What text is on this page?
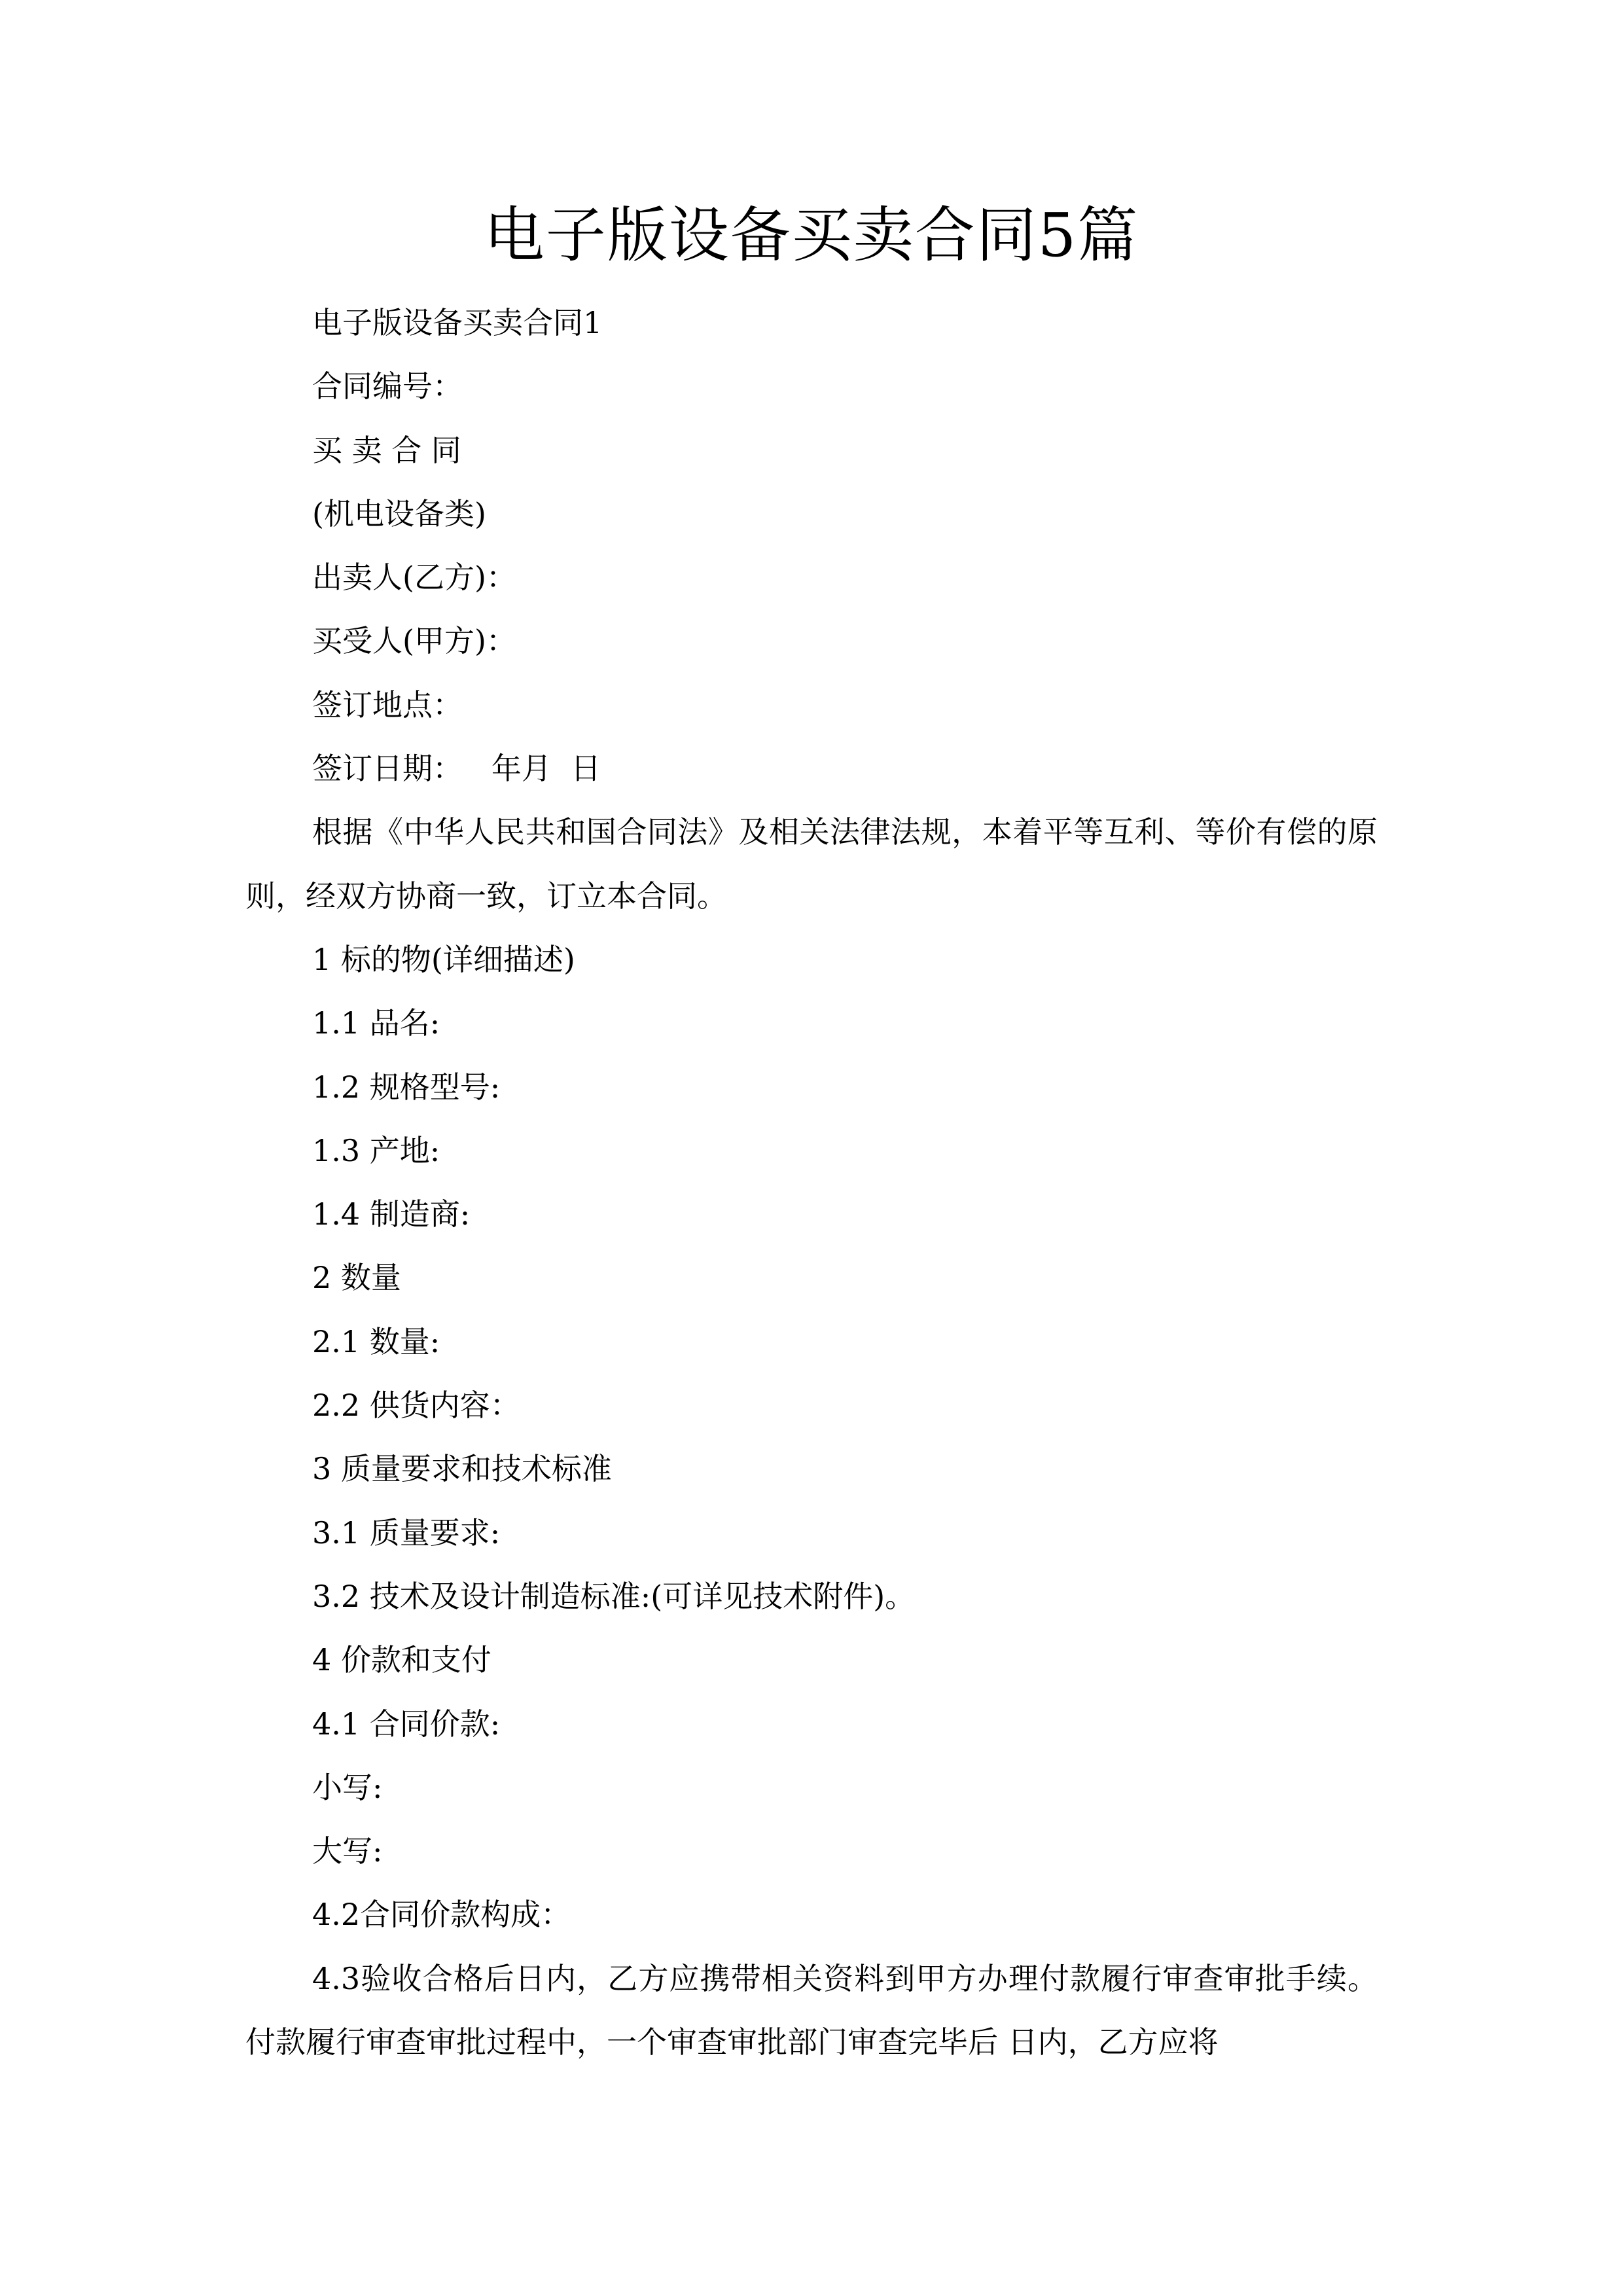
电子版设备买卖合同5篇
电子版设备买卖合同1
合同编号：
买 卖 合 同
(机电设备类)
出卖人(乙方)：
买受人(甲方)：
签订地点：
签订日期：   年月  日
根据《中华人民共和国合同法》及相关法律法规，本着平等互利、等价有偿的原则，经双方协商一致，订立本合同。
1 标的物(详细描述)
1.1 品名:
1.2 规格型号:
1.3 产地:
1.4 制造商:
2 数量
2.1 数量:
2.2 供货内容：
3 质量要求和技术标准
3.1 质量要求:
3.2 技术及设计制造标准:(可详见技术附件)。
4 价款和支付
4.1 合同价款:
小写:
大写:
4.2合同价款构成：
4.3验收合格后日内，乙方应携带相关资料到甲方办理付款履行审查审批手续。付款履行审查审批过程中，一个审查审批部门审查完毕后 日内，乙方应将
